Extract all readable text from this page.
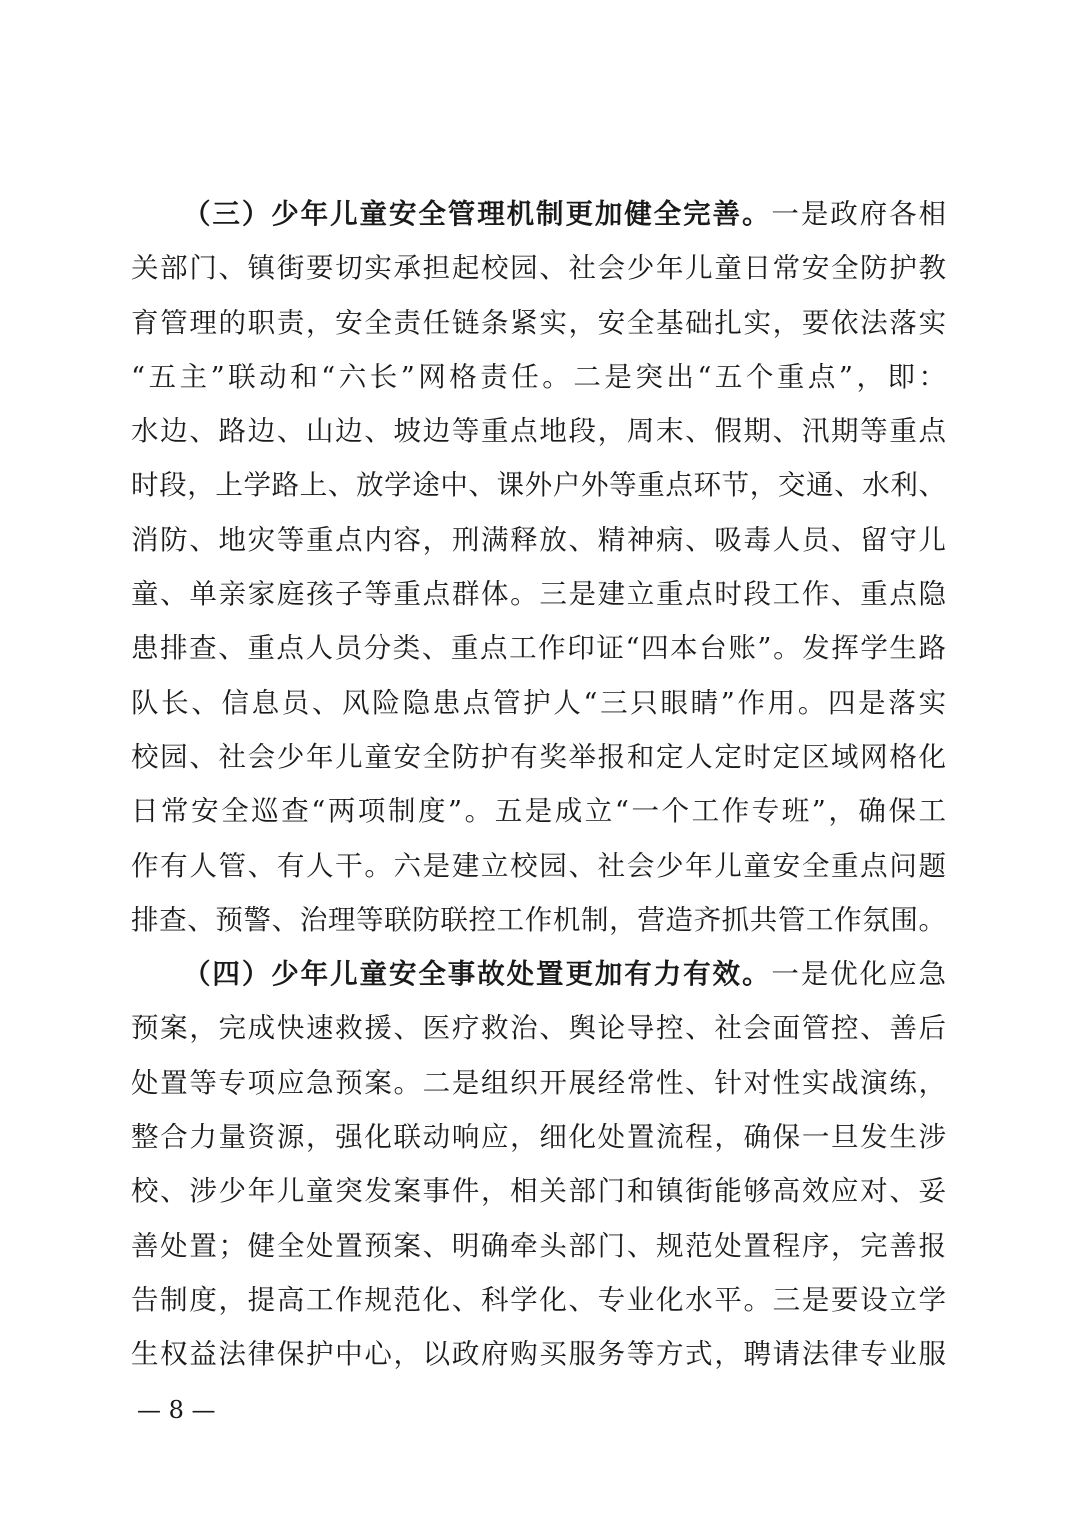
（三）少年儿童安全管理机制更加健全完善。一是政府各相
关部门、镇街要切实承担起校园、社会少年儿童日常安全防护教
育管理的职责，安全责任链条紧实，安全基础扎实，要依法落实
“五主”联动和“六长”网格责任。二是突出“五个重点”，即：
水边、路边、山边、坡边等重点地段，周末、假期、汛期等重点
时段，上学路上、放学途中、课外户外等重点环节，交通、水利、
消防、地灾等重点内容，刑满释放、精神病、吸毒人员、留守儿
童、单亲家庭孩子等重点群体。三是建立重点时段工作、重点隐
患排查、重点人员分类、重点工作印证“四本台账”。发挥学生路
队长、信息员、风险隐患点管护人“三只眼睛”作用。四是落实
校园、社会少年儿童安全防护有奖举报和定人定时定区域网格化
日常安全巡查“两项制度”。五是成立“一个工作专班”，确保工
作有人管、有人干。六是建立校园、社会少年儿童安全重点问题
排查、预警、治理等联防联控工作机制，营造齐抓共管工作氛围。
（四）少年儿童安全事故处置更加有力有效。一是优化应急
预案，完成快速救援、医疗救治、舆论导控、社会面管控、善后
处置等专项应急预案。二是组织开展经常性、针对性实战演练，
整合力量资源，强化联动响应，细化处置流程，确保一旦发生涉
校、涉少年儿童突发案事件，相关部门和镇街能够高效应对、妥
善处置；健全处置预案、明确牵头部门、规范处置程序，完善报
告制度，提高工作规范化、科学化、专业化水平。三是要设立学
生权益法律保护中心，以政府购买服务等方式，聘请法律专业服
— 8 —
